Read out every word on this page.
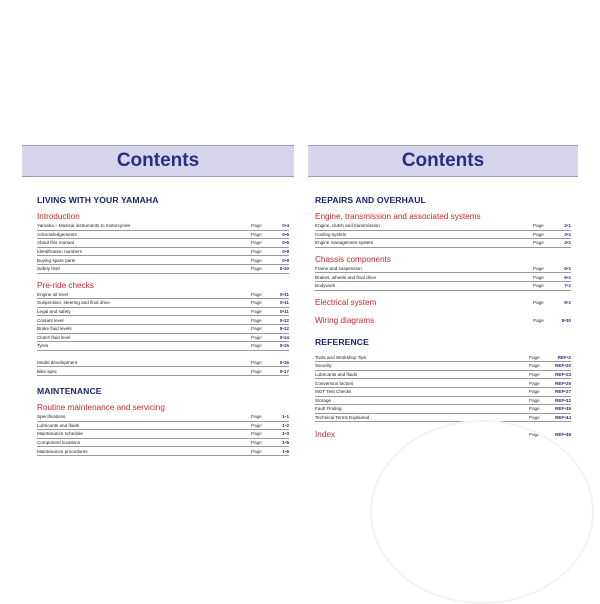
Contents
LIVING WITH YOUR YAMAHA
Introduction
Yamaha – Musical instruments to motorcycles	Page	0•4
Acknowledgements	Page	0•6
About this manual	Page	0•6
Identification numbers	Page	0•8
Buying spare parts	Page	0•9
Safety first!	Page	0•10
Pre-ride checks
Engine oil level	Page	0•11
Suspension, steering and final drive	Page	0•11
Legal and safety	Page	0•11
Coolant level	Page	0•12
Brake fluid levels	Page	0•12
Clutch fluid level	Page	0•14
Tyres	Page	0•15
Model development	Page	0•16
Bike spec	Page	0•17
MAINTENANCE
Routine maintenance and servicing
Specifications	Page	1•1
Lubricants and fluids	Page	1•2
Maintenance schedule	Page	1•3
Component locations	Page	1•5
Maintenance procedures	Page	1•6
Contents
REPAIRS AND OVERHAUL
Engine, transmission and associated systems
Engine, clutch and transmission	Page	2•1
Cooling system	Page	3•1
Engine management system	Page	4•1
Chassis components
Frame and suspension	Page	5•1
Brakes, wheels and final drive	Page	6•1
Bodywork	Page	7•1
Electrical system	Page	8•1
Wiring diagrams	Page	8•30
REFERENCE
Tools and Workshop Tips	Page	REF•2
Security	Page	REF•20
Lubricants and fluids	Page	REF•23
Conversion factors	Page	REF•26
MOT Test Checks	Page	REF•27
Storage	Page	REF•32
Fault Finding	Page	REF•35
Technical Terms Explained	Page	REF•44
Index	Page	REF•48
